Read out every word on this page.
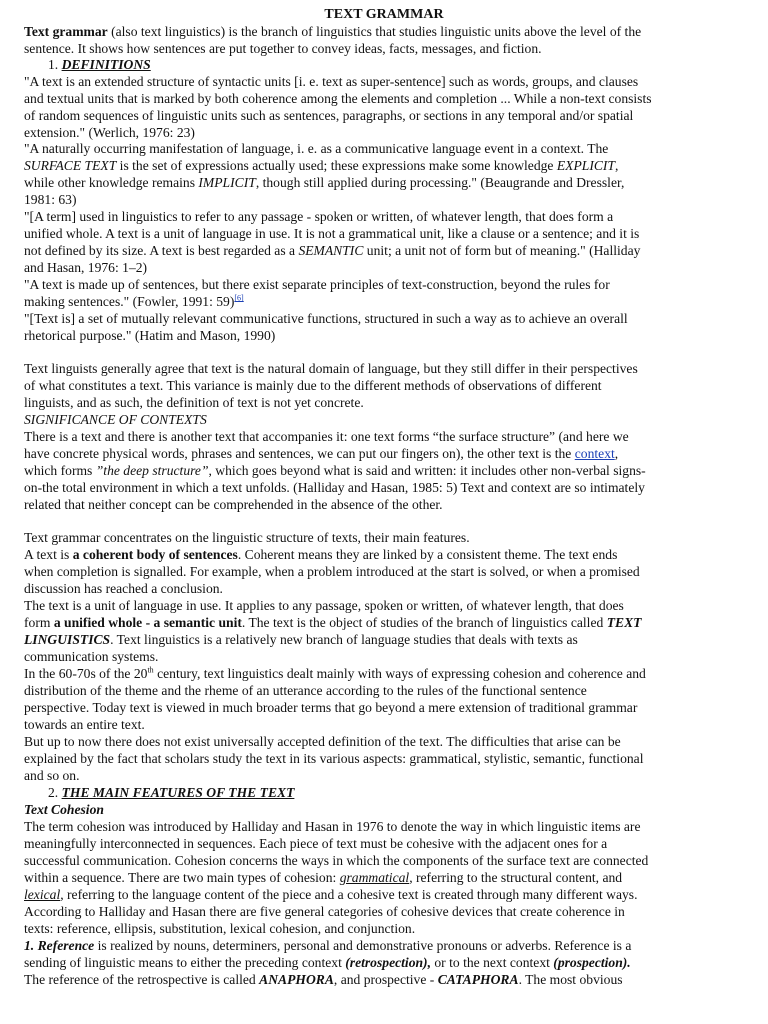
TEXT GRAMMAR
Text grammar (also text linguistics) is the branch of linguistics that studies linguistic units above the level of the
sentence. It shows how sentences are put together to convey ideas, facts, messages, and fiction.
1. DEFINITIONS
"A text is an extended structure of syntactic units [i. e. text as super-sentence] such as words, groups, and clauses
and textual units that is marked by both coherence among the elements and completion ... While a non-text consists
of random sequences of linguistic units such as sentences, paragraphs, or sections in any temporal and/or spatial
extension." (Werlich, 1976: 23)
"A naturally occurring manifestation of language, i. e. as a communicative language event in a context. The
SURFACE TEXT is the set of expressions actually used; these expressions make some knowledge EXPLICIT,
while other knowledge remains IMPLICIT, though still applied during processing." (Beaugrande and Dressler,
1981: 63)
"[A term] used in linguistics to refer to any passage - spoken or written, of whatever length, that does form a
unified whole. A text is a unit of language in use. It is not a grammatical unit, like a clause or a sentence; and it is
not defined by its size. A text is best regarded as a SEMANTIC unit; a unit not of form but of meaning." (Halliday
and Hasan, 1976: 1–2)
"A text is made up of sentences, but there exist separate principles of text-construction, beyond the rules for
making sentences." (Fowler, 1991: 59)[6]
"[Text is] a set of mutually relevant communicative functions, structured in such a way as to achieve an overall
rhetorical purpose." (Hatim and Mason, 1990)
Text linguists generally agree that text is the natural domain of language, but they still differ in their perspectives
of what constitutes a text. This variance is mainly due to the different methods of observations of different
linguists, and as such, the definition of text is not yet concrete.
SIGNIFICANCE OF CONTEXTS
There is a text and there is another text that accompanies it: one text forms “the surface structure” (and here we
have concrete physical words, phrases and sentences, we can put our fingers on), the other text is the context,
which forms ”the deep structure”, which goes beyond what is said and written: it includes other non-verbal signs-
on-the total environment in which a text unfolds. (Halliday and Hasan, 1985: 5) Text and context are so intimately
related that neither concept can be comprehended in the absence of the other.
Text grammar concentrates on the linguistic structure of texts, their main features.
A text is a coherent body of sentences. Coherent means they are linked by a consistent theme. The text ends
when completion is signalled. For example, when a problem introduced at the start is solved, or when a promised
discussion has reached a conclusion.
The text is a unit of language in use. It applies to any passage, spoken or written, of whatever length, that does
form a unified whole - a semantic unit. The text is the object of studies of the branch of linguistics called TEXT
LINGUISTICS. Text linguistics is a relatively new branch of language studies that deals with texts as
communication systems.
In the 60-70s of the 20th century, text linguistics dealt mainly with ways of expressing cohesion and coherence and
distribution of the theme and the rheme of an utterance according to the rules of the functional sentence
perspective. Today text is viewed in much broader terms that go beyond a mere extension of traditional grammar
towards an entire text.
But up to now there does not exist universally accepted definition of the text. The difficulties that arise can be
explained by the fact that scholars study the text in its various aspects: grammatical, stylistic, semantic, functional
and so on.
2. THE MAIN FEATURES OF THE TEXT
Text Cohesion
The term cohesion was introduced by Halliday and Hasan in 1976 to denote the way in which linguistic items are
meaningfully interconnected in sequences. Each piece of text must be cohesive with the adjacent ones for a
successful communication. Cohesion concerns the ways in which the components of the surface text are connected
within a sequence. There are two main types of cohesion: grammatical, referring to the structural content, and
lexical, referring to the language content of the piece and a cohesive text is created through many different ways.
According to Halliday and Hasan there are five general categories of cohesive devices that create coherence in
texts: reference, ellipsis, substitution, lexical cohesion, and conjunction.
1. Reference is realized by nouns, determiners, personal and demonstrative pronouns or adverbs. Reference is a
sending of linguistic means to either the preceding context (retrospection), or to the next context (prospection).
The reference of the retrospective is called ANAPHORA, and prospective - CATAPHORA. The most obvious
